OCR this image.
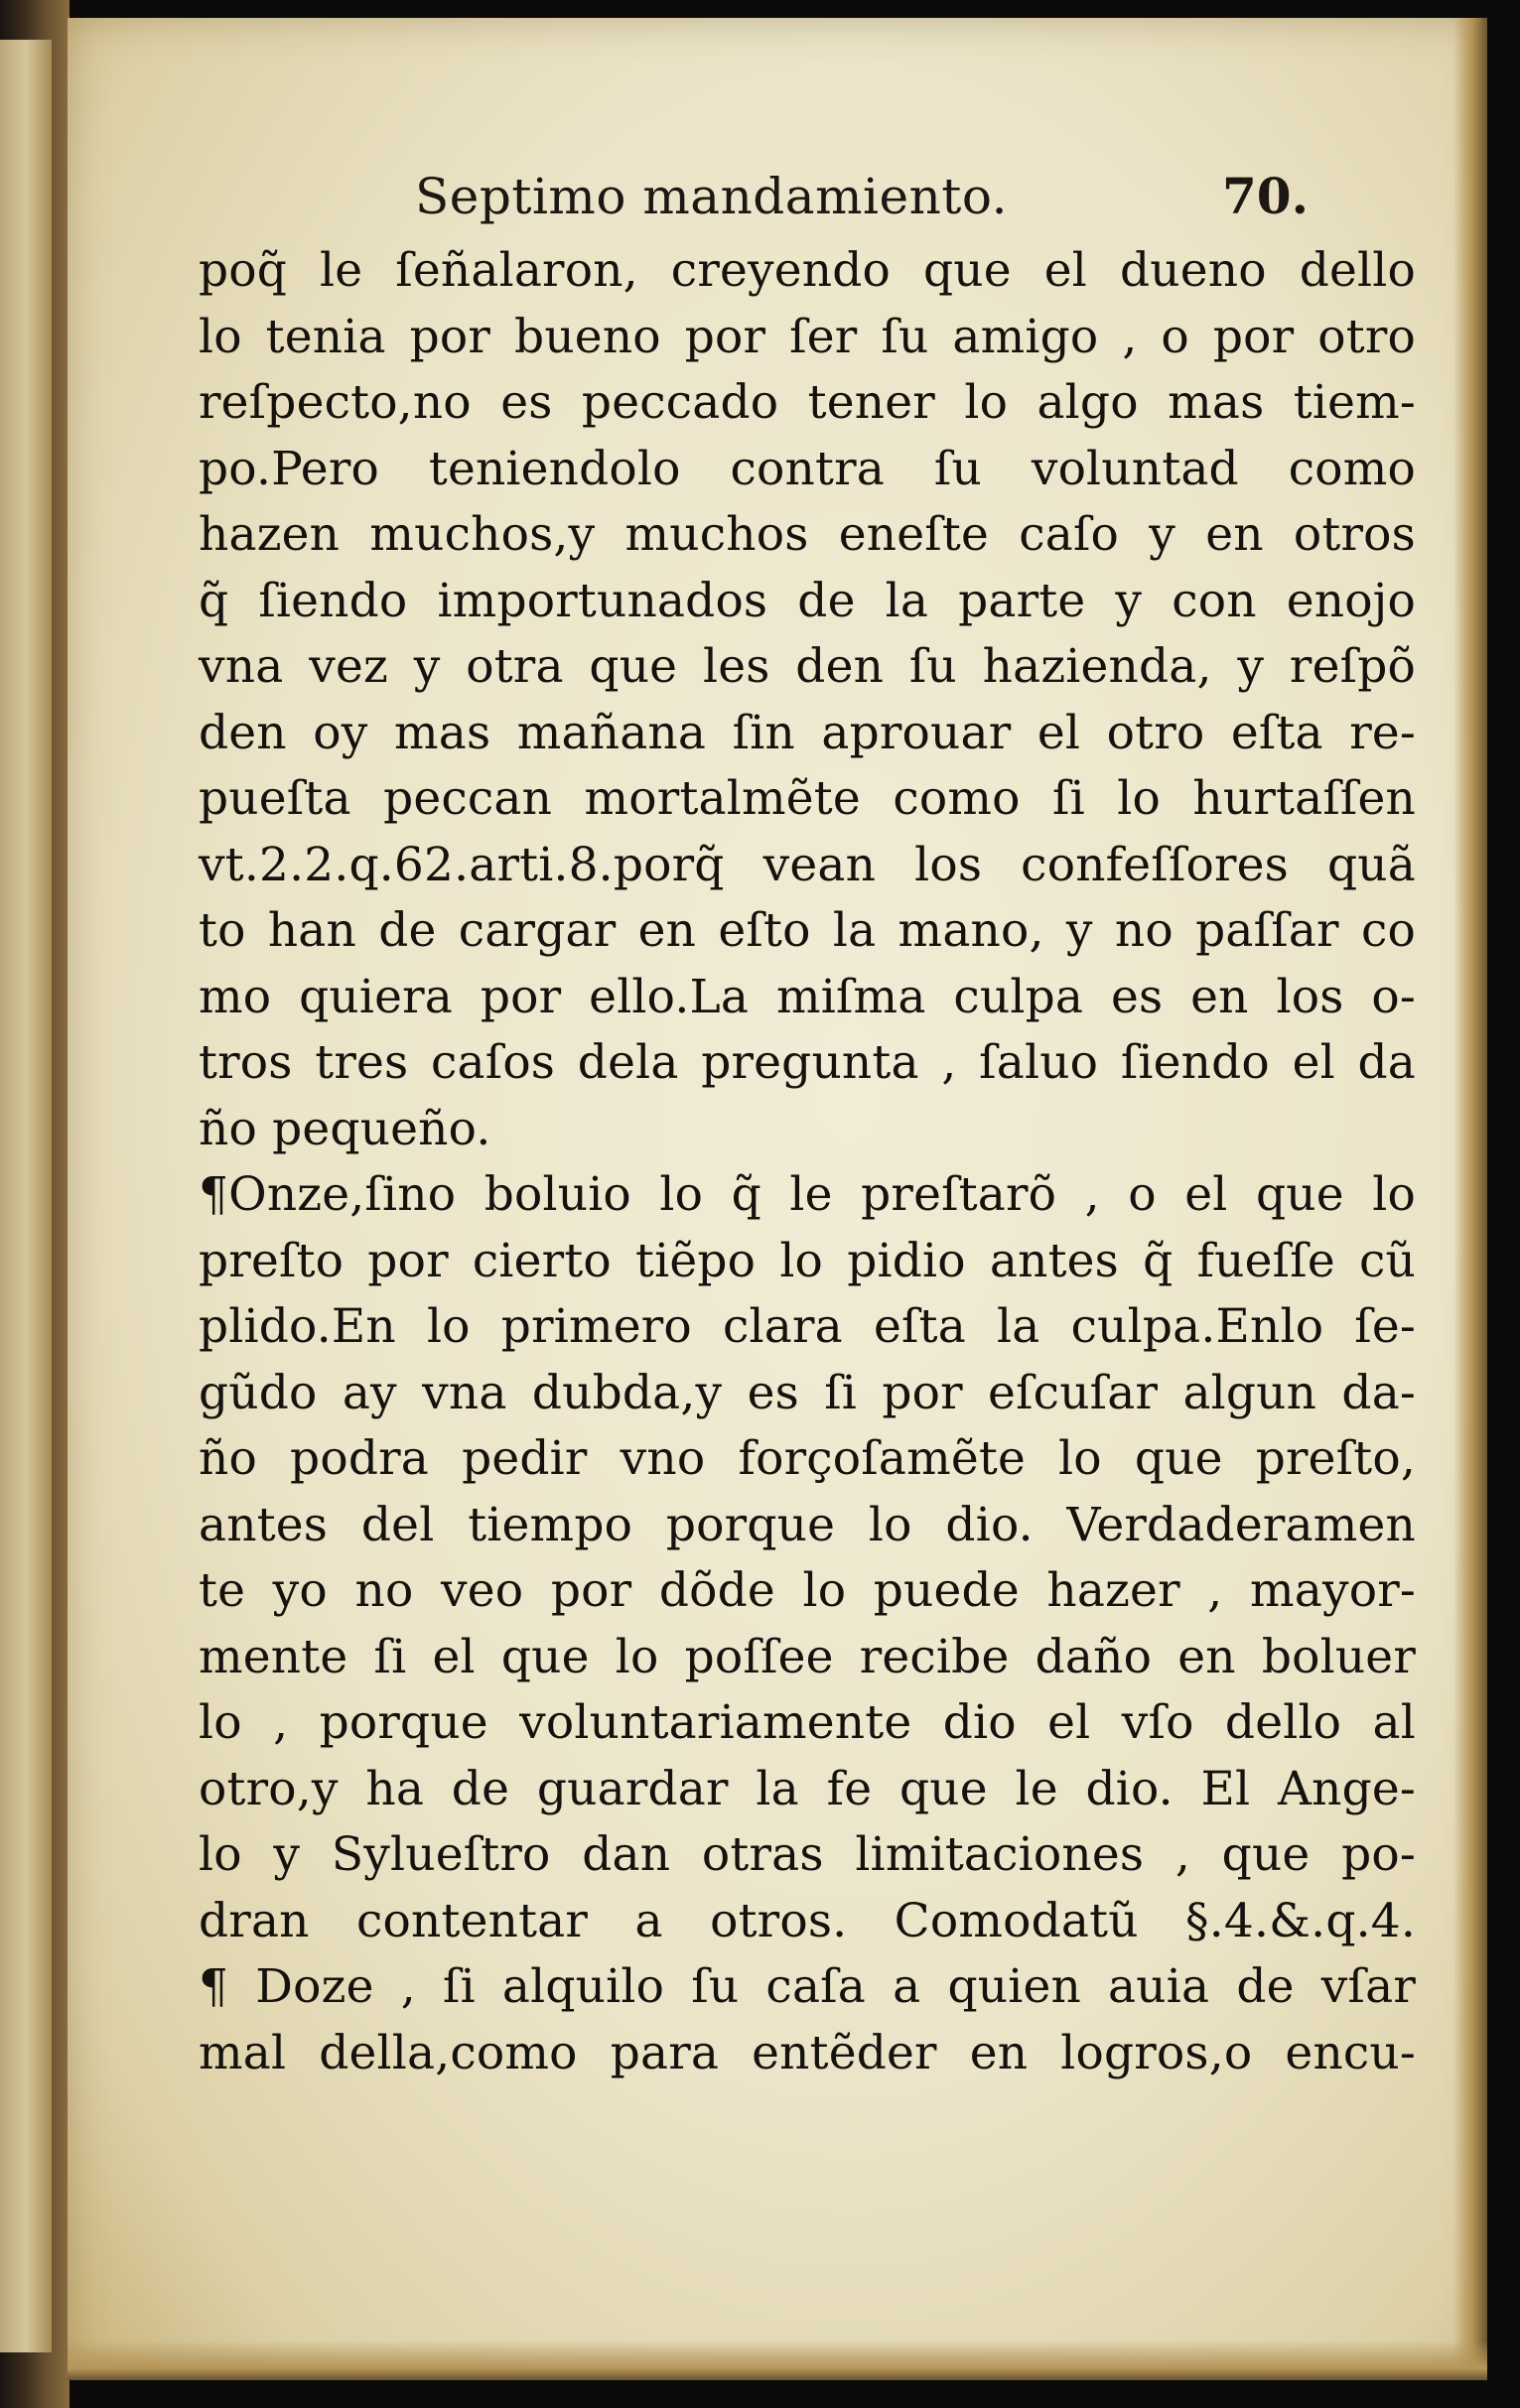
Septimo mandamiento.	70.
poq̃ le ſeñalaron, creyendo que el dueno dello
lo tenia por bueno por ſer ſu amigo , o por otro
reſpecto,no es peccado tener lo algo mas tiem-
po.Pero teniendolo contra ſu voluntad como
hazen muchos,y muchos eneſte caſo y en otros
q̃ ſiendo importunados de la parte y con enojo
vna vez y otra que les den ſu hazienda, y reſpõ
den oy mas mañana ſin aprouar el otro eſta re-
pueſta peccan mortalmẽte como ſi lo hurtaſſen
vt.2.2.q.62.arti.8.porq̃ vean los confeſſores quã
to han de cargar en eſto la mano, y no paſſar co
mo quiera por ello.La miſma culpa es en los o-
tros tres caſos dela pregunta , ſaluo ſiendo el da
ño pequeño.
¶Onze,ſino boluio lo q̃ le preſtarõ , o el que lo
preſto por cierto tiẽpo lo pidio antes q̃ fueſſe cũ
plido.En lo primero clara eſta la culpa.Enlo ſe-
gũdo ay vna dubda,y es ſi por eſcuſar algun da-
ño podra pedir vno forçoſamẽte lo que preſto,
antes del tiempo porque lo dio. Verdaderamen
te yo no veo por dõde lo puede hazer , mayor-
mente ſi el que lo poſſee recibe daño en boluer
lo , porque voluntariamente dio el vſo dello al
otro,y ha de guardar la fe que le dio. El Ange-
lo y Sylueſtro dan otras limitaciones , que po-
dran contentar a otros. Comodatũ §.4.&.q.4.
¶ Doze , ſi alquilo ſu caſa a quien auia de vſar
mal della,como para entẽder en logros,o encu-
